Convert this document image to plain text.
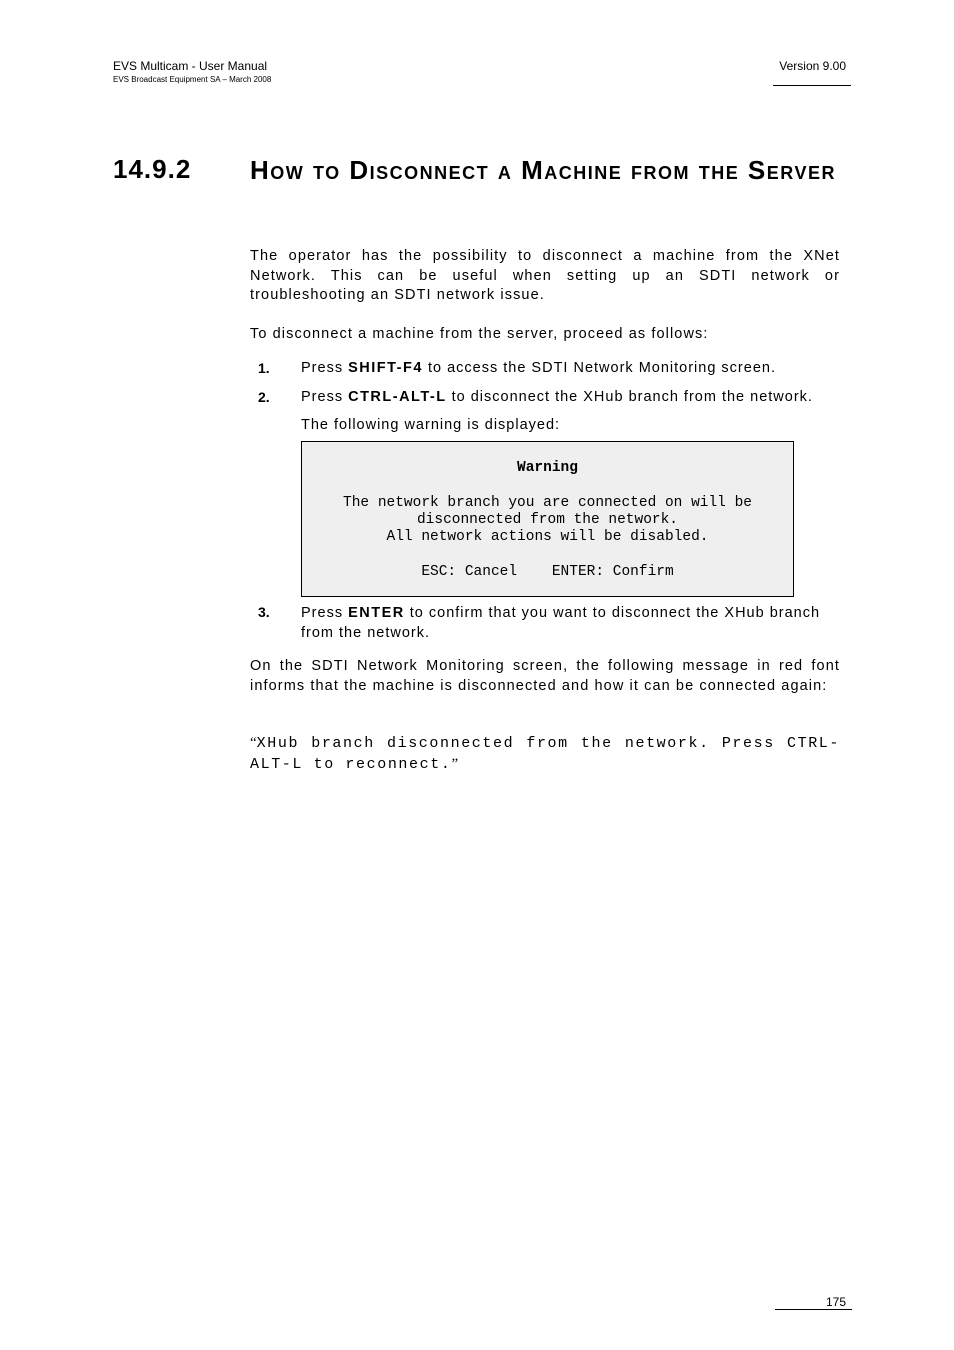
EVS Multicam - User Manual
EVS Broadcast Equipment SA – March 2008
Version 9.00
14.9.2 How to Disconnect a Machine from the Server
The operator has the possibility to disconnect a machine from the XNet Network. This can be useful when setting up an SDTI network or troubleshooting an SDTI network issue.
To disconnect a machine from the server, proceed as follows:
1. Press SHIFT-F4 to access the SDTI Network Monitoring screen.
2. Press CTRL-ALT-L to disconnect the XHub branch from the network.
The following warning is displayed:
Warning
The network branch you are connected on will be
disconnected from the network.
All network actions will be disabled.
ESC: Cancel    ENTER: Confirm
3. Press ENTER to confirm that you want to disconnect the XHub branch from the network.
On the SDTI Network Monitoring screen, the following message in red font informs that the machine is disconnected and how it can be connected again:
“XHub branch disconnected from the network. Press CTRL-ALT-L to reconnect.”
175
